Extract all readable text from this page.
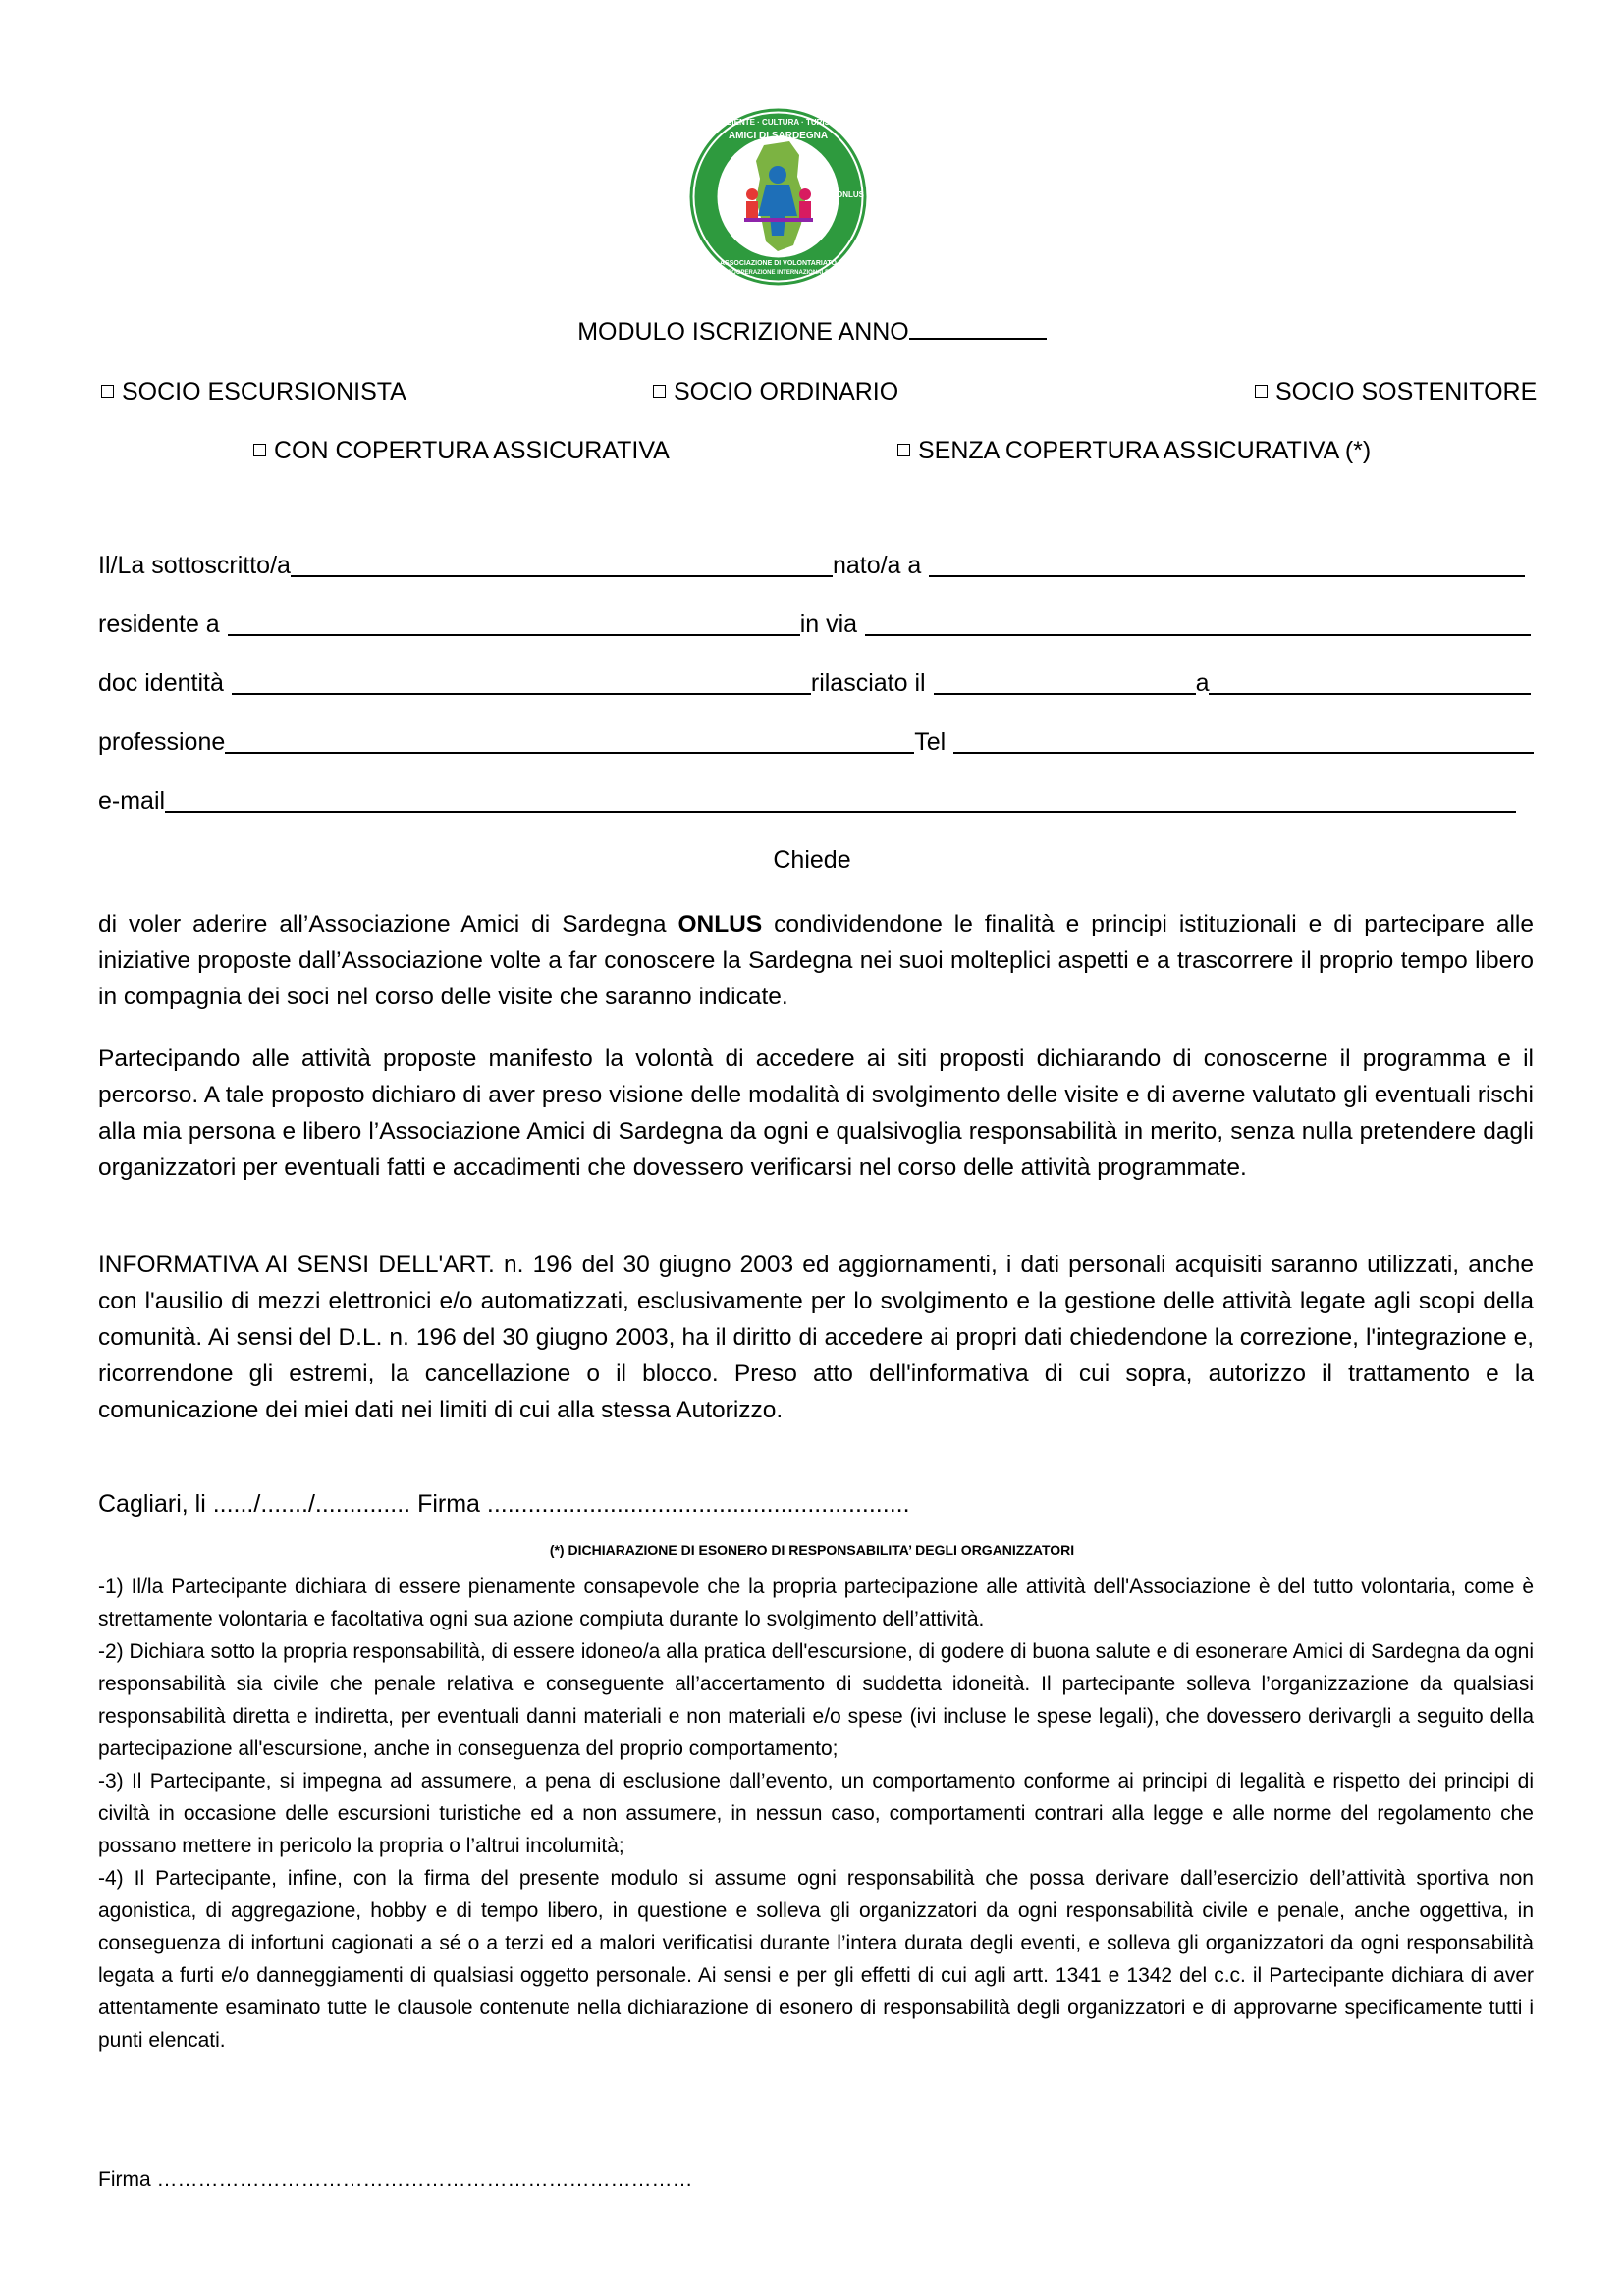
AMBIENTE · CULTURA · TURISMO
AMICI DI SARDEGNA
ONLUS
ASSOCIAZIONE DI VOLONTARIATO
COOPERAZIONE INTERNAZIONALE
MODULO ISCRIZIONE ANNO
SOCIO ESCURSIONISTA	SOCIO ORDINARIO	SOCIO SOSTENITORE
CON COPERTURA ASSICURATIVA	SENZA COPERTURA ASSICURATIVA (*)
Il/La sottoscritto/a	nato/a a
residente a	in via
doc identità	rilasciato il	a
professione	Tel
e-mail
Chiede
di voler aderire all’Associazione Amici di Sardegna ONLUS condividendone le finalità e principi istituzionali e di partecipare alle iniziative proposte dall’Associazione volte a far conoscere la Sardegna nei suoi molteplici aspetti e a trascorrere il proprio tempo libero in compagnia dei soci nel corso delle visite che saranno indicate.
Partecipando alle attività proposte manifesto la volontà di accedere ai siti proposti dichiarando di conoscerne il programma e il percorso. A tale proposto dichiaro di aver preso visione delle modalità di svolgimento delle visite e di averne valutato gli eventuali rischi alla mia persona e libero l’Associazione Amici di Sardegna da ogni e qualsivoglia responsabilità in merito, senza nulla pretendere dagli organizzatori per eventuali fatti e accadimenti che dovessero verificarsi nel corso delle attività programmate.
INFORMATIVA AI SENSI DELL'ART. n. 196 del 30 giugno 2003 ed aggiornamenti, i dati personali acquisiti saranno utilizzati, anche con l'ausilio di mezzi elettronici e/o automatizzati, esclusivamente per lo svolgimento e la gestione delle attività legate agli scopi della comunità. Ai sensi del D.L. n. 196 del 30 giugno 2003, ha il diritto di accedere ai propri dati chiedendone la correzione, l'integrazione e, ricorrendone gli estremi, la cancellazione o il blocco. Preso atto dell'informativa di cui sopra, autorizzo il trattamento e la comunicazione dei miei dati nei limiti di cui alla stessa Autorizzo.
Cagliari, li ....../......./.............. Firma ..............................................................
(*) DICHIARAZIONE DI ESONERO DI RESPONSABILITA’ DEGLI ORGANIZZATORI
-1) Il/la Partecipante dichiara di essere pienamente consapevole che la propria partecipazione alle attività dell'Associazione è del tutto volontaria, come è strettamente volontaria e facoltativa ogni sua azione compiuta durante lo svolgimento dell’attività.
-2) Dichiara sotto la propria responsabilità, di essere idoneo/a alla pratica dell'escursione, di godere di buona salute e di esonerare Amici di Sardegna da ogni responsabilità sia civile che penale relativa e conseguente all’accertamento di suddetta idoneità. Il partecipante solleva l’organizzazione da qualsiasi responsabilità diretta e indiretta, per eventuali danni materiali e non materiali e/o spese (ivi incluse le spese legali), che dovessero derivargli a seguito della partecipazione all'escursione, anche in conseguenza del proprio comportamento;
-3) Il Partecipante, si impegna ad assumere, a pena di esclusione dall’evento, un comportamento conforme ai principi di legalità e rispetto dei principi di civiltà in occasione delle escursioni turistiche ed a non assumere, in nessun caso, comportamenti contrari alla legge e alle norme del regolamento che possano mettere in pericolo la propria o l’altrui incolumità;
-4) Il Partecipante, infine, con la firma del presente modulo si assume ogni responsabilità che possa derivare dall’esercizio dell’attività sportiva non agonistica, di aggregazione, hobby e di tempo libero, in questione e solleva gli organizzatori da ogni responsabilità civile e penale, anche oggettiva, in conseguenza di infortuni cagionati a sé o a terzi ed a malori verificatisi durante l’intera durata degli eventi, e solleva gli organizzatori da ogni responsabilità legata a furti e/o danneggiamenti di qualsiasi oggetto personale. Ai sensi e per gli effetti di cui agli artt. 1341 e 1342 del c.c. il Partecipante dichiara di aver attentamente esaminato tutte le clausole contenute nella dichiarazione di esonero di responsabilità degli organizzatori e di approvarne specificamente tutti i punti elencati.
Firma ……………………………………………………………………
